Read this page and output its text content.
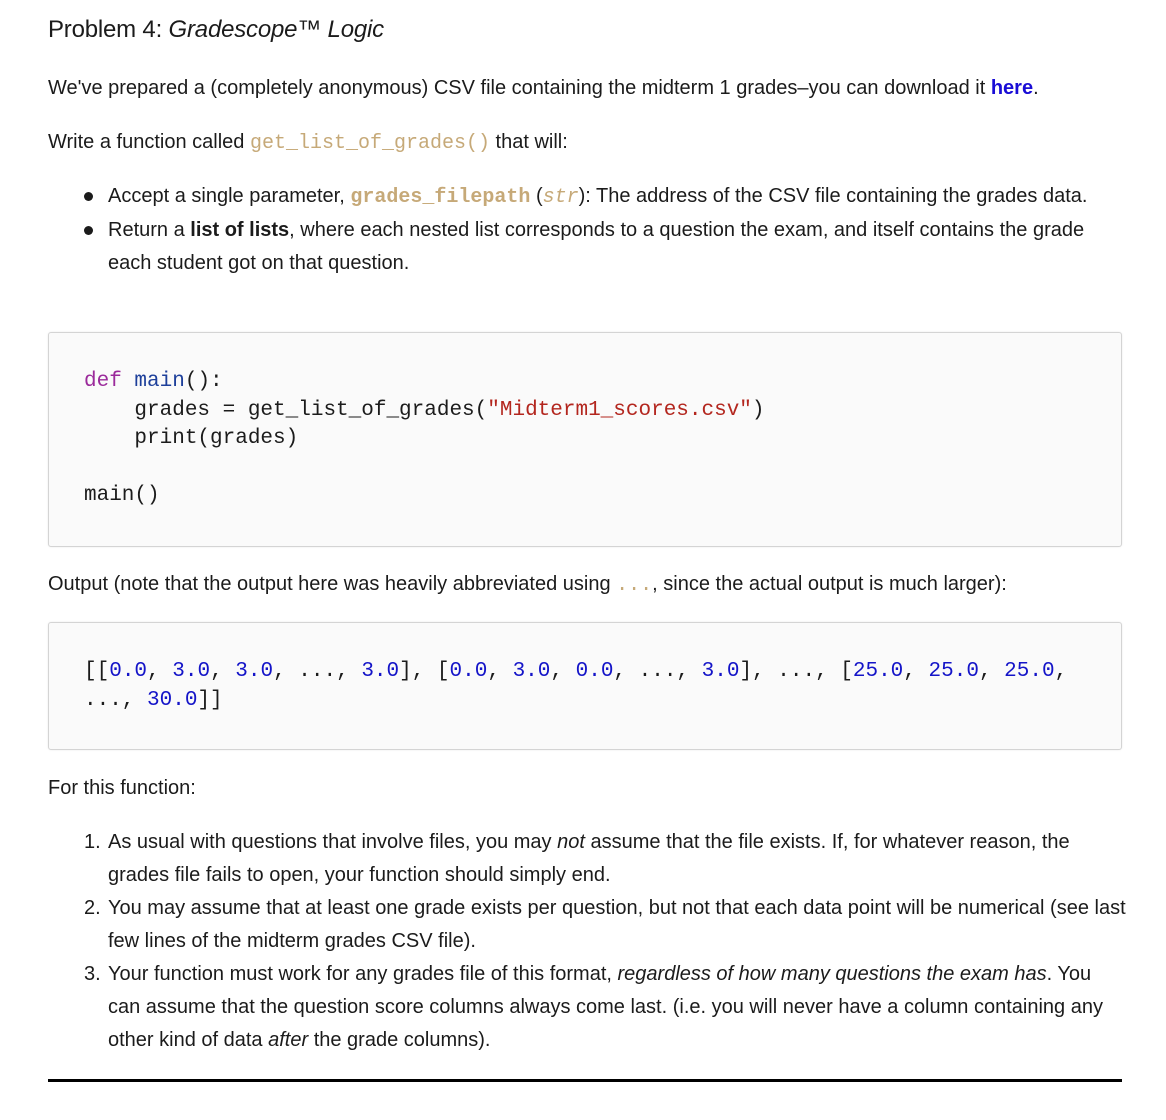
Problem 4: Gradescope™ Logic
We've prepared a (completely anonymous) CSV file containing the midterm 1 grades–you can download it here.
Write a function called get_list_of_grades() that will:
Accept a single parameter, grades_filepath (str): The address of the CSV file containing the grades data.
Return a list of lists, where each nested list corresponds to a question the exam, and itself contains the grade each student got on that question.
def main():
grades = get_list_of_grades("Midterm1_scores.csv")
print(grades)

main()
Output (note that the output here was heavily abbreviated using ..., since the actual output is much larger):
[[0.0, 3.0, 3.0, ..., 3.0], [0.0, 3.0, 0.0, ..., 3.0], ..., [25.0, 25.0, 25.0,
..., 30.0]]
For this function:
1. As usual with questions that involve files, you may not assume that the file exists. If, for whatever reason, the grades file fails to open, your function should simply end.
2. You may assume that at least one grade exists per question, but not that each data point will be numerical (see last few lines of the midterm grades CSV file).
3. Your function must work for any grades file of this format, regardless of how many questions the exam has. You can assume that the question score columns always come last. (i.e. you will never have a column containing any other kind of data after the grade columns).
